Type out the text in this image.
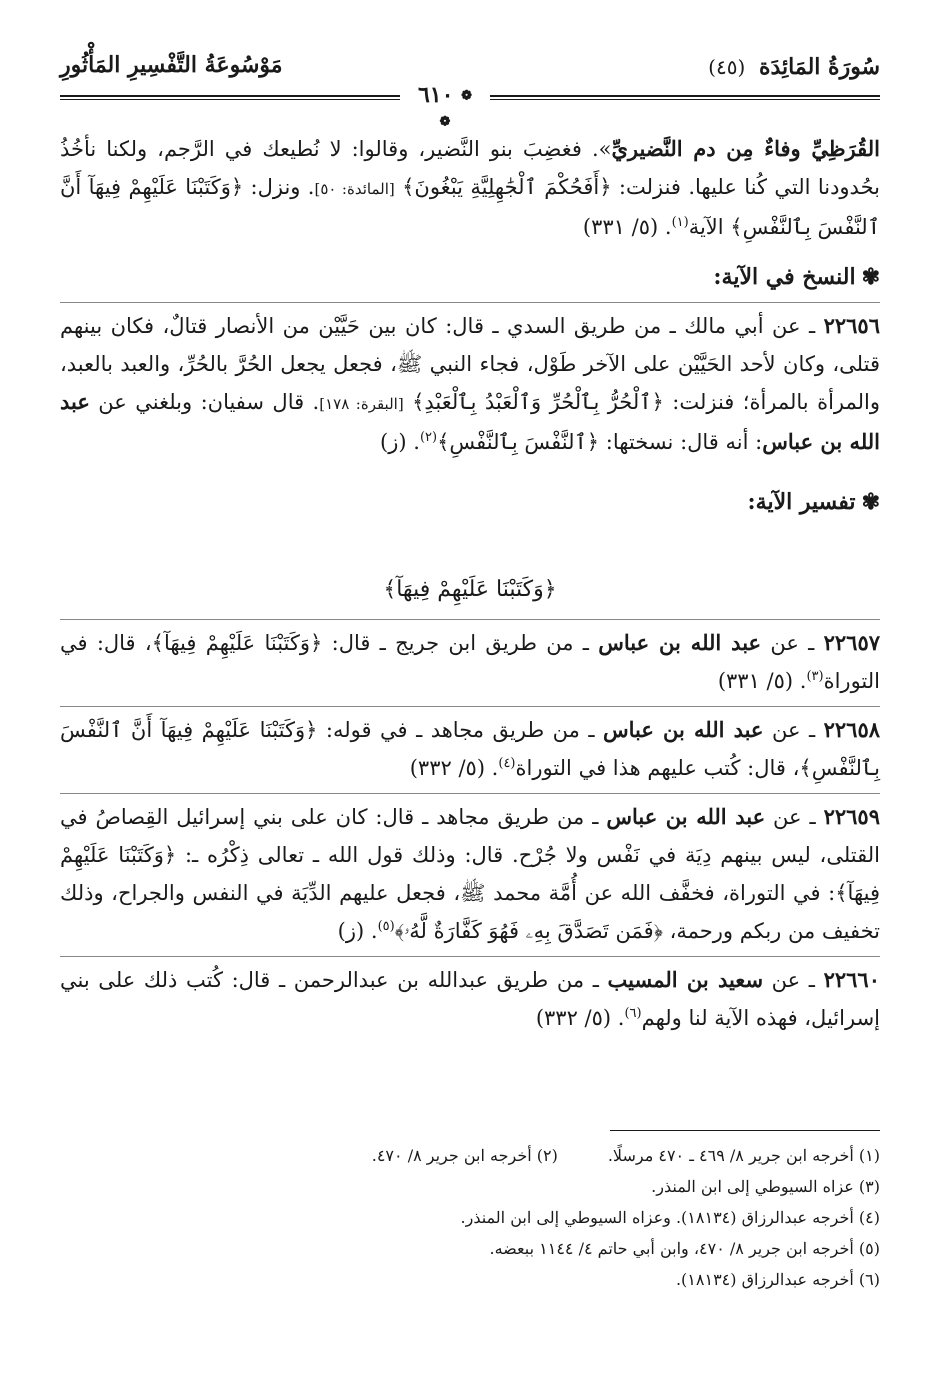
سُورَةُ المَائِدَة (٤٥)
مَوْسُوعَةُ التَّفْسِيرِ المَأْثُورِ
❁ ٦١٠ ❁

القُرَظِيِّ وفاءٌ مِن دم النَّضيريِّ». فغضِبَ بنو النَّضير، وقالوا: لا نُطيعك في الرَّجم، ولكنا نأخُذُ بحُدودنا التي كُنا عليها. فنزلت: ﴿أَفَحُكْمَ ٱلْجَٰهِلِيَّةِ يَبْغُونَ﴾ [المائدة: ٥٠]. ونزل: ﴿وَكَتَبْنَا عَلَيْهِمْ فِيهَآ أَنَّ ٱلنَّفْسَ بِٱلنَّفْسِ﴾ الآية$^{(١)}$. (٥/ ٣٣١)

✾النسخ في الآية:

٢٢٦٥٦ ـ عن أبي مالك ـ من طريق السدي ـ قال: كان بين حَيَّيْن من الأنصار قتالٌ، فكان بينهم قتلى، وكان لأحد الحَيَّيْن على الآخر طَوْل، فجاء النبي ﷺ، فجعل يجعل الحُرَّ بالحُرِّ، والعبد بالعبد، والمرأة بالمرأة؛ فنزلت: ﴿ٱلْحُرُّ بِٱلْحُرِّ وَٱلْعَبْدُ بِٱلْعَبْدِ﴾ [البقرة: ١٧٨]. قال سفيان: وبلغني عن عبد الله بن عباس: أنه قال: نسختها: ﴿ٱلنَّفْسَ بِٱلنَّفْسِ﴾$^{(٢)}$. (ز)

✾تفسير الآية:
﴿وَكَتَبْنَا عَلَيْهِمْ فِيهَآ﴾

٢٢٦٥٧ ـ عن عبد الله بن عباس ـ من طريق ابن جريج ـ قال: ﴿وَكَتَبْنَا عَلَيْهِمْ فِيهَآ﴾، قال: في التوراة$^{(٣)}$. (٥/ ٣٣١)

٢٢٦٥٨ ـ عن عبد الله بن عباس ـ من طريق مجاهد ـ في قوله: ﴿وَكَتَبْنَا عَلَيْهِمْ فِيهَآ أَنَّ ٱلنَّفْسَ بِٱلنَّفْسِ﴾، قال: كُتب عليهم هذا في التوراة$^{(٤)}$. (٥/ ٣٣٢)

٢٢٦٥٩ ـ عن عبد الله بن عباس ـ من طريق مجاهد ـ قال: كان على بني إسرائيل القِصاصُ في القتلى، ليس بينهم دِيَة في نَفْس ولا جُرْح. قال: وذلك قول الله ـ تعالى ذِكْرُه ـ: ﴿وَكَتَبْنَا عَلَيْهِمْ فِيهَآ﴾: في التوراة، فخفَّف الله عن أُمَّة محمد ﷺ، فجعل عليهم الدِّيَة في النفس والجراح، وذلك تخفيف من ربكم ورحمة، ﴿فَمَن تَصَدَّقَ بِهِۦ فَهُوَ كَفَّارَةٌ لَّهُۥ﴾$^{(٥)}$. (ز)

٢٢٦٦٠ ـ عن سعيد بن المسيب ـ من طريق عبدالله بن عبدالرحمن ـ قال: كُتب ذلك على بني إسرائيل، فهذه الآية لنا ولهم$^{(٦)}$. (٥/ ٣٣٢)

(١) أخرجه ابن جرير ٨/ ٤٦٩ ـ ٤٧٠ مرسلًا.(٢) أخرجه ابن جرير ٨/ ٤٧٠.
(٣) عزاه السيوطي إلى ابن المنذر.
(٤) أخرجه عبدالرزاق (١٨١٣٤). وعزاه السيوطي إلى ابن المنذر.
(٥) أخرجه ابن جرير ٨/ ٤٧٠، وابن أبي حاتم ٤/ ١١٤٤ ببعضه.
(٦) أخرجه عبدالرزاق (١٨١٣٤).
